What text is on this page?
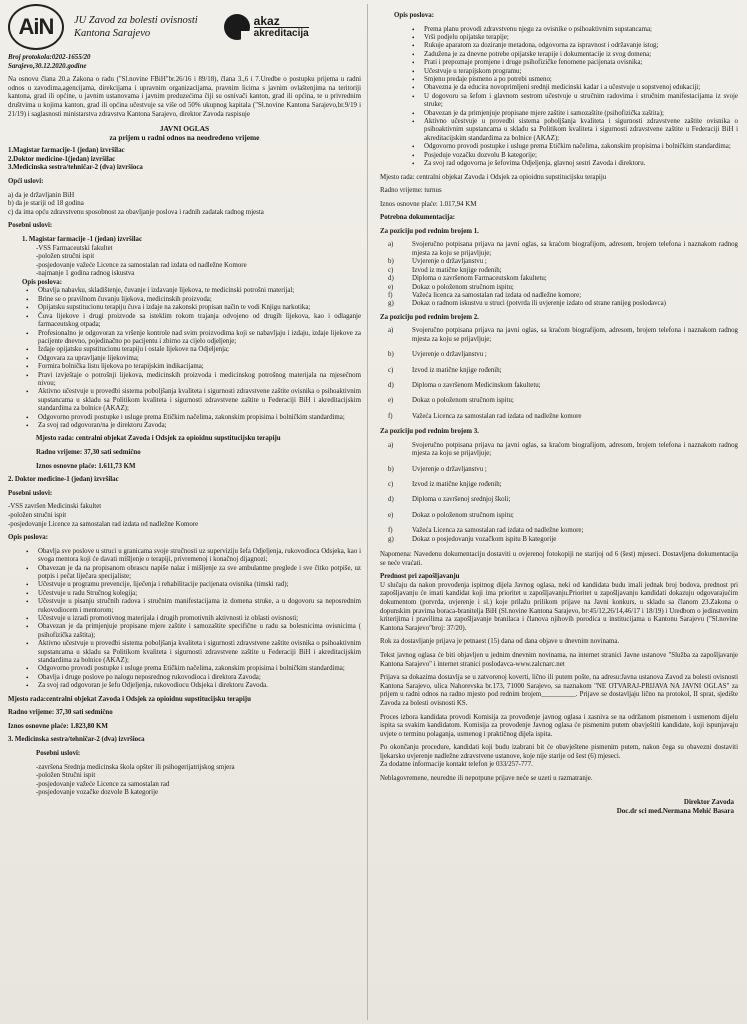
AiN	JU Zavod za bolesti ovisnosti
Kantona Sarajevo
akaz
akreditacija

Broj protokola:0202-1655/20

Sarajevo,30.12.2020.godine

Na osnovu člana 20.a Zakona o radu ("Sl.novine FBiH"br.26/16 i 89/18), člana 3.,6 i 7.Uredbe o postupku prijema u radni odnos u zavodima,agencijama, direkcijama i upravnim organizacijama, pravnim licima s javnim ovlaštenjima na teritoriji kantona, grad ili općine, u javnim ustanovama i javnim preduzećima čiji su osnivači kanton, grad ili općina, te u privrednim društvima u kojima kanton, grad ili općina učestvuje sa više od 50% ukupnog kapitala ("Sl.novine Kantona Sarajevo,br.9/19 i 21/19) i saglasnosti ministarstva zdravstva Kantona Sarajevo, direktor Zavoda raspisuje

JAVNI OGLAS

za prijem u radni odnos na neodređeno vrijeme

1.Magistar farmacije-1 (jedan) izvršilac

2.Doktor medicine-1(jedan) izvršilac

3.Medicinska sestra/tehničar-2 (dva) izvršioca

Opći uslovi:

a) da je državljanin BiH

b) da je stariji od 18 godina

c) da ima opću zdravstvenu sposobnost za obavljanje poslova i radnih zadatak radnog mjesta

Posebni uslovi:

1. Magistar farmacije -1 (jedan) izvršilac

-VSS Farmaceutski fakultet

-položen stručni ispit

-posjedovanje važeće Licence za samostalan rad izdata od nadležne Komore

-najmanje 1 godina radnog iskustva

Opis poslova:

• Obavlja nabavku, skladištenje, čuvanje i izdavanje lijekova, te medicinski potrošni materijal;
• Brine se o pravilnom čuvanju lijekova, medicinskih proizvoda;
• Opijatsku supstitucionu terapiju čuva i izdaje na zakonski propisan način te vodi Knjigu narkotika;
• Čuva lijekove i drugi proizvode sa isteklim rokom trajanja odvojeno od drugih lijekova, kao i odlaganje farmaceutskog otpada;
• Profesionalno je odgovoran za vršenje kontrole nad svim proizvodima koji se nabavljaju i izdaju, izdaje lijekove za pacijente dnevno, pojedinačno po pacijentu i zbirno za cijelo odjeljenje;
• Izdaje opijatsku supstitucionu terapiju i ostale lijekove na Odjeljenja;
• Odgovara za upravljanje lijekovima;
• Formira bolnička listu lijekova po terapijskim indikacijama;
• Pravi izvještaje o potrošnji lijekova, medicinskih proizvoda i medicinskog potrošnog materijala na mjesečnom nivou;
• Aktivno učestvuje u provedbi sistema poboljšanja kvaliteta i sigurnosti zdravstvene zaštite ovisnika o psihoaktivnim supstancama u skladu sa Politikom kvaliteta i sigurnosti zdravstvene zaštite u Federaciji BiH i akreditacijskim standardima za bolnice (AKAZ);
• Odgovorno provodi postupke i usluge prema Etičkim načelima, zakonskim propisima i bolničkim standardima;
• Za svoj rad odgovoran/na je direktoru Zavoda;

Mjesto rada: centralni objekat Zavoda i Odsjek za opioidnu supstitucijsku terapiju

Radno vrijeme: 37,30 sati sedmično

Iznos osnovne plaće: 1.611,73 KM

2. Doktor medicine-1 (jedan) izvršilac

Posebni uslovi:

-VSS završen Medicinski fakultet

-položen stručni ispit

-posjedovanje Licence za samostalan rad izdata od nadležne Komore

Opis poslova:

• Obavlja sve poslove u struci u granicama svoje stručnosti uz superviziju šefa Odjeljenja, rukovodioca Odsjeka, kao i svoga mentora koji će davati mišljenje o terapiji, privremenoj i konačnoj dijagnozi;
• Obavezan je da na propisanom obrascu napiše nalaz i mišljenje za sve ambulantne preglede i sve čitko potpiše, uz potpis i pečat liječara specijaliste;
• Učestvuje u programu prevencije, liječenja i rehabilitacije pacijenata ovisnika (timski rad);
• Učestvuje u radu Stručnog kolegija;
• Učestvuje u pisanju stručnih radova i stručnim manifestacijama iz domena struke, a u dogovoru sa neposrednim rukovodiocem i mentorom;
• Učestvuje u izradi promotivnog materijala i drugih promotivnih aktivnosti iz oblasti ovisnosti;
• Obavezan je da primjenjuje propisane mjere zaštite i samozaštite specifične u radu sa bolesnicima ovisnicima ( psihofizička zaštita);
• Aktivno učestvuje u provedbi sistema poboljšanja kvaliteta i sigurnosti zdravstvene zaštite ovisnika o psihoaktivnim supstancama u skladu sa Politikom kvaliteta i sigurnosti zdravstvene zaštite u Federaciji BiH i akreditacijskim standardima za bolnice (AKAZ);
• Odgovorno provodi postupke i usluge prema Etičkim načelima, zakonskim propisima i bolničkim standardima;
• Obavlja i druge poslove po nalogu neposrednog rukovodioca i direktora Zavoda;
• Za svoj rad odgovoran je šefu Odjeljenja, rukovodiocu Odsjeka i direktoru Zavoda.

Mjesto rada:centralni objekat Zavoda i Odsjek za opioidnu supstitucijsku terapiju

Radno vrijeme: 37,30 sati sedmično

Iznos osnovne plaće: 1.823,80 KM

3. Medicinska sestra/tehničar-2 (dva) izvršioca

Posebni uslovi:

-završena Srednja medicinska škola opštег ili psihogerijatrijskog smjera

-položen Stručni ispit

-posjedovanje važeće Licence za samostalan rad

-posjedovanje vozačke dozvole B kategorije

Opis poslova:

• Prema planu provodi zdravstvenu njegu za ovisnike o psihoaktivnim supstancama;
• Vrši podjelu opijatske terapije;
• Rukuje aparatom za doziranje metadona, odgovorna za ispravnost i održavanje istog;
• Zadužena je za dnevne potrebe opijatske terapije i dokumentacije iz svog domena;
• Prati i prepoznaje promjene i druge psihofizičke fenomene pacijenata ovisnika;
• Učestvuje u terapijskom programu;
• Smjenu predaje pismeno a po potrebi usmeno;
• Obavezna je da educira novoprimljeni srednji medicinski kadar i a učestvuje u sopstvenoj edukaciji;
• U dogovoru sa šefom i glavnom sestrom učestvuje u stručnim radovima i stručnim manifestacijama iz svoje struke;
• Obavezan je da primjenjuje propisane mjere zaštite i samozaštite (psihofizička zaštita);
• Aktivno učestvuje u provedbi sistema poboljšanja kvaliteta i sigurnosti zdravstvene zaštite ovisnika o psihoaktivnim supstancama u skladu sa Politikom kvaliteta i sigurnosti zdravstvene zaštite u Federaciji BiH i akreditacijskim standardima za bolnice (AKAZ);
• Odgovorno provodi postupke i usluge prema Etičkim načelima, zakonskim propisima i bolničkim standardima;
• Posjeduje vozačku dozvolu B kategorije;
• Za svoj rad odgovorna je šefovima Odjeljenja, glavnoj sestri Zavoda i direktoru.

Mjesto rada: centralni objekat Zavoda i Odsjek za opioidnu supstitucijsku terapiju

Radno vrijeme: turnus

Iznos osnovne plaće: 1.017,94 KM

Potrebna dokumentacija:

Za poziciju pod rednim brojem 1.

a)	Svojeručno potpisana prijava na javni oglas, sa kraćom biografijom, adresom, brojem telefona i naznakom radnog mjesta za koju se prijavljuje;
b)	Uvjerenje o državljanstvu ;
c)	Izvod iz matične knjige rođenih;
d)	Diploma o završenom Farmaceutskom fakultetu;
e)	Dokaz o položenom stručnom ispitu;
f)	Važeća licenca za samostalan rad izdata od nadležne komore;
g)	Dokaz o radnom iskustvu u struci (potvrda ili uvjerenje izdato od strane ranijeg poslodavca)

Za poziciju pod rednim brojem 2.

a)	Svojeručno potpisana prijava na javni oglas, sa kraćom biografijom, adresom, brojem telefona i naznakom radnog mjesta za koju se prijavljuje;
b)	Uvjerenje o državljanstvu ;
c)	Izvod iz matične knjige rođenih;
d)	Diploma o završenom Medicinskom fakultetu;
e)	Dokaz o položenom stručnom ispitu;
f)	Važeća Licenca za samostalan rad izdata od nadležne komore

Za poziciju pod rednim brojem 3.

a)	Svojeručno potpisana prijava na javni oglas, sa kraćom biografijom, adresom, brojem telefona i naznakom radnog mjesta za koju se prijavljuje;
b)	Uvjerenje o državljanstvu ;
c)	Izvod iz matične knjige rođenih;
d)	Diploma o završenoj srednjoj školi;
e)	Dokaz o položenom stručnom ispitu;
f)	Važeća Licenca za samostalan rad izdata od nadležne komore;
g)	Dokaz o posjedovanju vozačkom ispitu B kategorije

Napomena: Navedenu dokumentaciju dostaviti u ovjerenoj fotokopiji ne starijoj od 6 (šest) mjeseci. Dostavljena dokumentacija se neće vraćati.

Prednost pri zapošljavanju

U slučaju da nakon provođenja ispitnog dijela Javnog oglasa, neki od kandidata budu imali jednak broj bodova, prednost pri zapošljavanju će imati kandidat koji ima prioritet u zapošljavanju.Prioritet u zapošljavanju kandidati dokazuju odgovarajućim dokumentom (potvrda, uvjerenje i sl.) koje prilažu prilikom prijave na Javni konkurs, u skladu sa članom 23.Zakona o dopunskim pravima boraca-branitelja BiH (Sl.novine Kantona Sarajevo, br:45/12,26/14,46/17 i 18/19) i Uredbom o jedinstvenim kriterijima i pravilima za zapošljavanje branilaca i članova njihovih porodica u institucijama u Kantonu Sarajevu ("Sl.novine Kantona Sarajevo"broj: 37/20).

Rok za dostavljanje prijava je petnaest (15) dana od dana objave u dnevnim novinama.

Tekst javnog oglasa će biti objavljen u jednim dnevnim novinama, na internet stranici Javne ustanove "Služba za zapošljavanje Kantona Sarajevo" i internet stranici poslodavca-www.zalcnarc.net

Prijava sa dokazima dostavlja se u zatvorenoj koverti, lično ili putem pošte, na adresu:Javna ustanova Zavod za bolesti ovisnosti Kantona Sarajevo, ulica Nahorevska br.173, 71000 Sarajevo, sa naznakom "NE OTVARAJ-PRIJAVA NA JAVNI OGLAS" za prijem u radni odnos na radno mjesto pod rednim brojem__________. Prijave se dostavljaju lično na protokol, II sprat, sjedište Zavoda za bolesti ovisnosti KS.

Proces izbora kandidata provodi Komisija za provođenje javnog oglasa i zasniva se na održanom pismenom i usmenom dijelu ispita sa svakim kandidatom. Komisija za provođenje Javnog oglasa će pismenim putem obavještiti kandidate, koji ispunjavaju uvjete o terminu polaganja, usmenog i praktičnog dijela ispita.

Po okončanju procedure, kandidati koji budu izabrani bit će obavještene pismenim putem, nakon čega su obavezni dostaviti ljekarsko uvjerenje nadležne zdravstvene ustanove, koje nije starije od šest (6) mjeseci.

Za dodatne informacije kontakt telefon je 033/257-777.

Neblagovremene, neuredne ili nepotpune prijave neće se uzeti u razmatranje.

Direktor Zavoda
Doc.dr sci med.Nermana Mehić Basara
